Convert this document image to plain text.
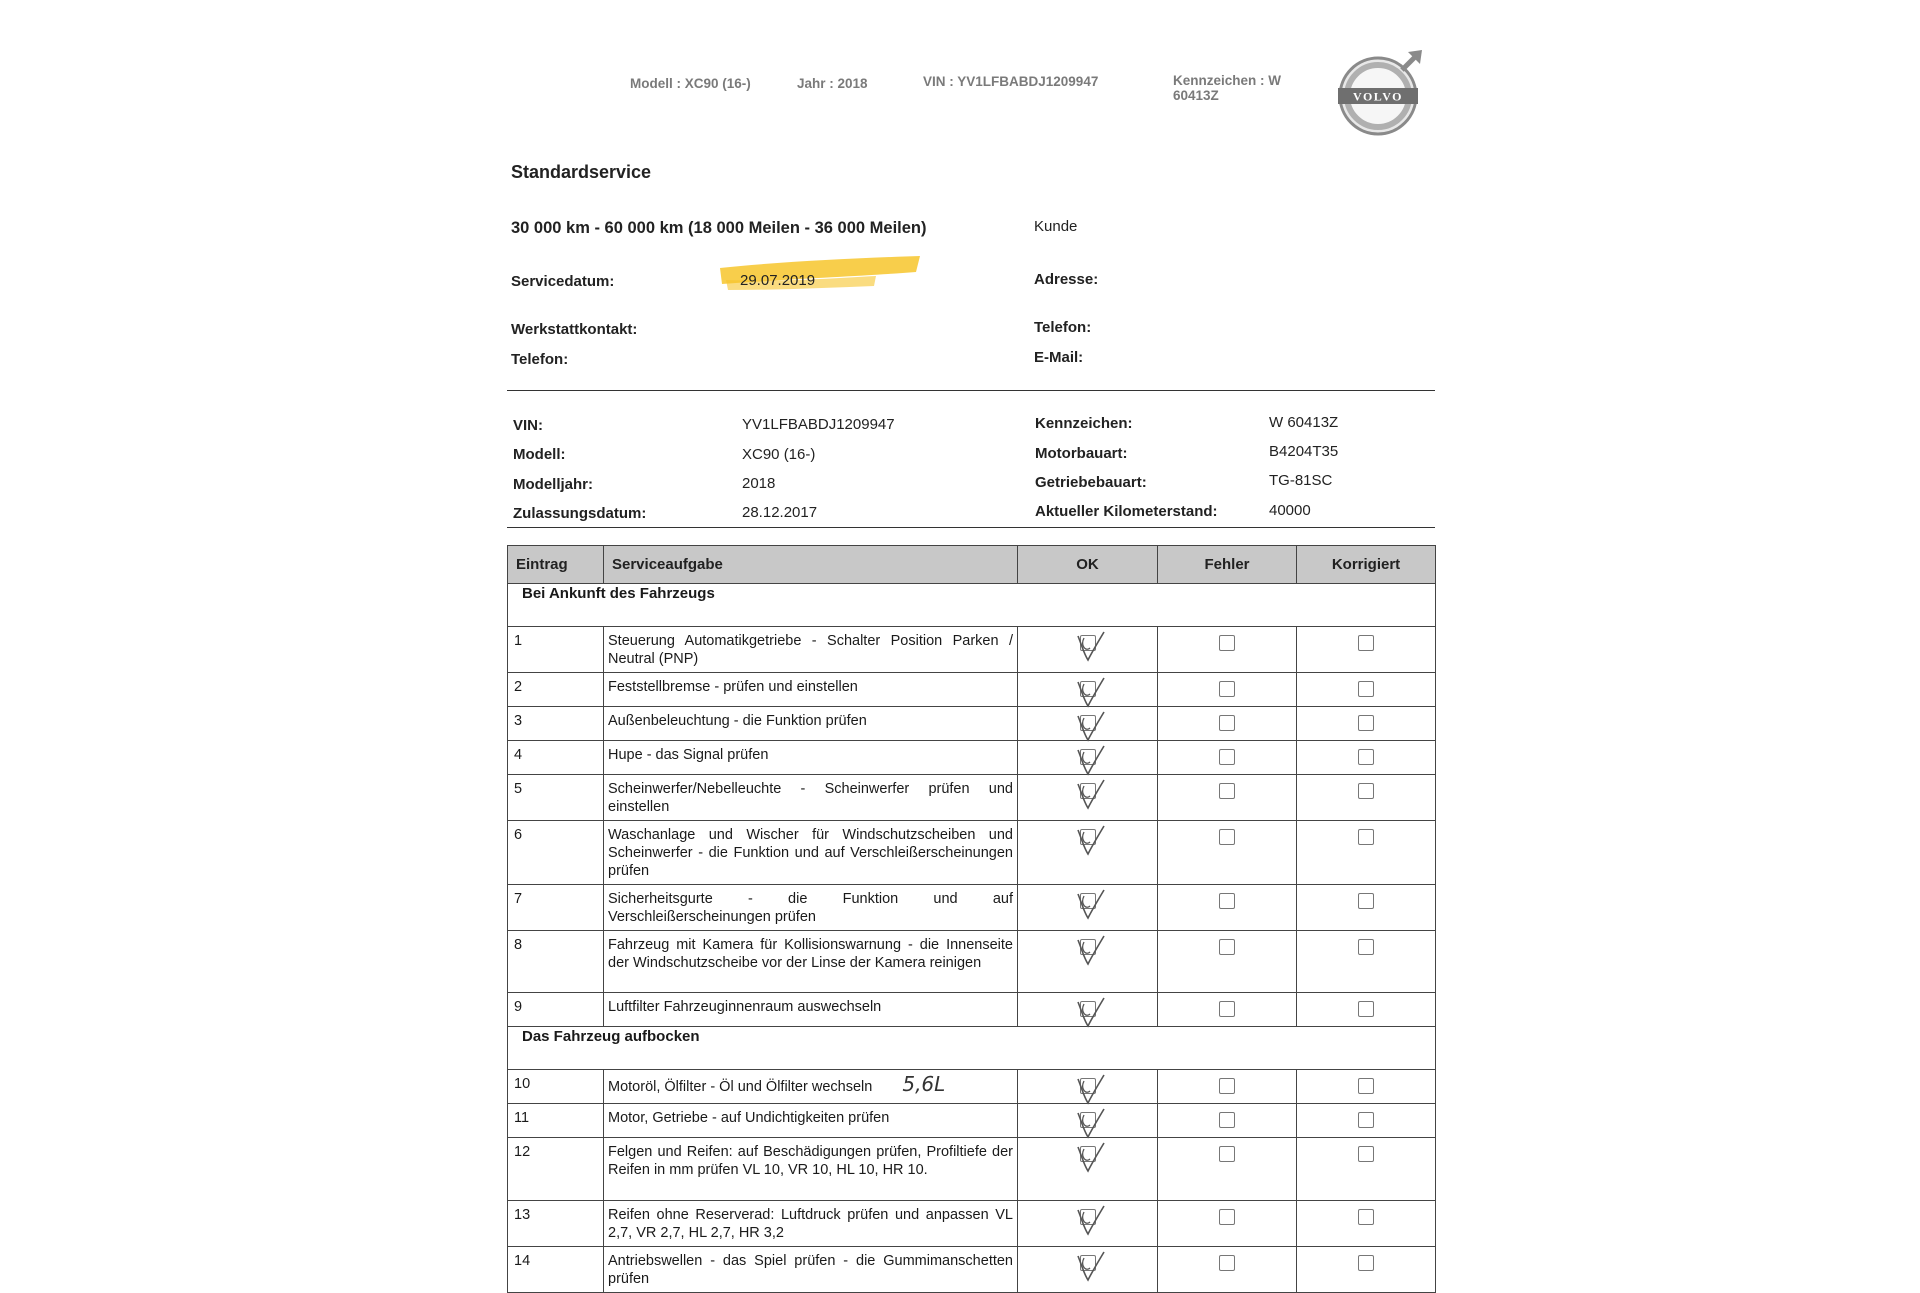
Modell : XC90 (16-)	Jahr : 2018	VIN : YV1LFBABDJ1209947	Kennzeichen : W
60413Z	VOLVO
Standardservice
30 000 km - 60 000 km (18 000 Meilen - 36 000 Meilen)
Servicedatum:	29.07.2019
Werkstattkontakt:
Telefon:
Kunde
Adresse:
Telefon:
E-Mail:
VIN:	YV1LFBABDJ1209947
Modell:	XC90 (16-)
Modelljahr:	2018
Zulassungsdatum:	28.12.2017
Kennzeichen:	W 60413Z
Motorbauart:	B4204T35
Getriebebauart:	TG-81SC
Aktueller Kilometerstand:	40000
Eintrag	Serviceaufgabe	OK	Fehler	Korrigiert
Bei Ankunft des Fahrzeugs				
1	Steuerung Automatikgetriebe - Schalter Position Parken / Neutral (PNP)	

2	Feststellbremse - prüfen und einstellen	

3	Außenbeleuchtung - die Funktion prüfen	

4	Hupe - das Signal prüfen	

5	Scheinwerfer/Nebelleuchte - Scheinwerfer prüfen und einstellen	

6	Waschanlage und Wischer für Windschutzscheiben und Scheinwerfer - die Funktion und auf Verschleißerscheinungen prüfen	

7	Sicherheitsgurte - die Funktion und auf Verschleißerscheinungen prüfen	

8	Fahrzeug mit Kamera für Kollisionswarnung - die Innenseite der Windschutzscheibe vor der Linse der Kamera reinigen	

9	Luftfilter Fahrzeuginnenraum auswechseln	

Das Fahrzeug aufbocken				
10	Motoröl, Ölfilter - Öl und Ölfilter wechseln 5,6L	

11	Motor, Getriebe - auf Undichtigkeiten prüfen	

12	Felgen und Reifen: auf Beschädigungen prüfen, Profiltiefe der Reifen in mm prüfen VL 10, VR 10, HL 10, HR 10.	

13	Reifen ohne Reserverad: Luftdruck prüfen und anpassen VL 2,7, VR 2,7, HL 2,7, HR 3,2	

14	Antriebswellen - das Spiel prüfen - die Gummimanschetten prüfen	
